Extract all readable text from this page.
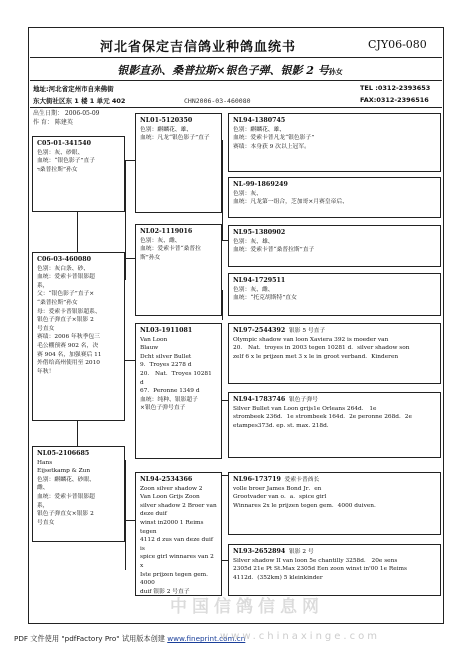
河北省保定吉信鸽业种鸽血统书	CJY06-080
银影直孙、桑普拉斯×银色子弹、银影 2 号孙女
地址:河北省定州市自来佛街
东大街社区东 1 楼 1 单元 402	CHN2006-03-460080
TEL :0312-2393653
FAX:0312-2396516
出生日期： 2006-05-09
作 育： 陈建英
C05-01-341540
色别：灰、砂眼、
血统：“银色影子”直子
ד桑普拉斯”孙女
C06-03-460080
色别：灰白条、砂、
血统：爱索卡普银影超
系，
父：“银色影子”直子×
“桑普拉斯”孙女
母：爱索卡普银影超系、
银色子弹直子×银影 2
号直女
赛绩：2006 年秋季包三
毛公棚预赛 902 名，决
赛 904 名，加强赛后 11
外借给高州使用至 2010
年秋！
NL05-2106685
Hans
Eijsetkamp & Zun
色别：麒麟花、砂眼、
雌、
血统：爱索卡普银影超
系，
银色子弹直女×银影 2
号直女
NL01-5120350
色别：麒麟花、雄、
血统：凡龙“银色影子”直子
NL02-1119016
色别：灰、雌、
血统：爱索卡普“桑普拉
斯”孙女
NL03-1911081
Van Loon
Blauw
Dcht silver Bullet
9．Troyes 2278 d
20． Nat．Troyes 10281 d
67．Peronne 1349 d
血统：纯种、银影超子
×银色子弹号直子
NL94-2534366
Zoon silver shadow 2
Van Loon Grijs Zoon
silver shadow 2 Broer van
deze duif
winst in2000 1 Reims tegen
4112 d zus van deze duif is
spice girl winnares van 2 x
Iste prijzen tegen gem. 4000
duif 银影 2 号直子
NL94-1380745
色别：麒麟花、雄、
血统：爱索卡普凡龙“银色影子”
赛绩：本身获 9 次以上冠军。
NL-99-1869249
色别：灰、
血统：凡龙第一组合，芝加哥×月赛皇帝后、
NL95-1380902
色别：灰、雄、
血统：爱索卡普“桑普拉斯”直子
NL94-1729511
色别：灰、雌、
血统：“托克胡斯特”直女
NL97-2544392 银影 5 号直子
Olympic shadow van loon Xaviera 392 is moeder van
20． Nat．troyes in 2003 tegen 10281 d．silver shadow son
zelf 6 x le prijzen met 3 x le in groot verband．Kinderen
NL94-1783746 银色子弹号
Silver Bullet van Loon grijs1e Orleans 264d． 1e
strombeek 236d．1e strombeek 164d．2e peronne 268d．2e
etampes373d. ep. st. max. 218d.
NL96-173719 爱索卡普酋长
volle broer James Bond Jr．en
Grootvader van o．a．spice girl
Winnares 2x le prijzen tegen gem．4000 duiven.
NL93-2652894 银影 2 号
Silver shadow II van loon 5e chantilly 3258d． 20e sens
2305d 21e Pt St.Max 2305d Een zoon winst in'00 1e Reims
4112d．(352km) 5 kleinkinder
中国信鸽信息网
PDF 文件使用 "pdfFactory Pro" 试用版本创建 www.fineprint.com.cn
www.chinaxinge.com
